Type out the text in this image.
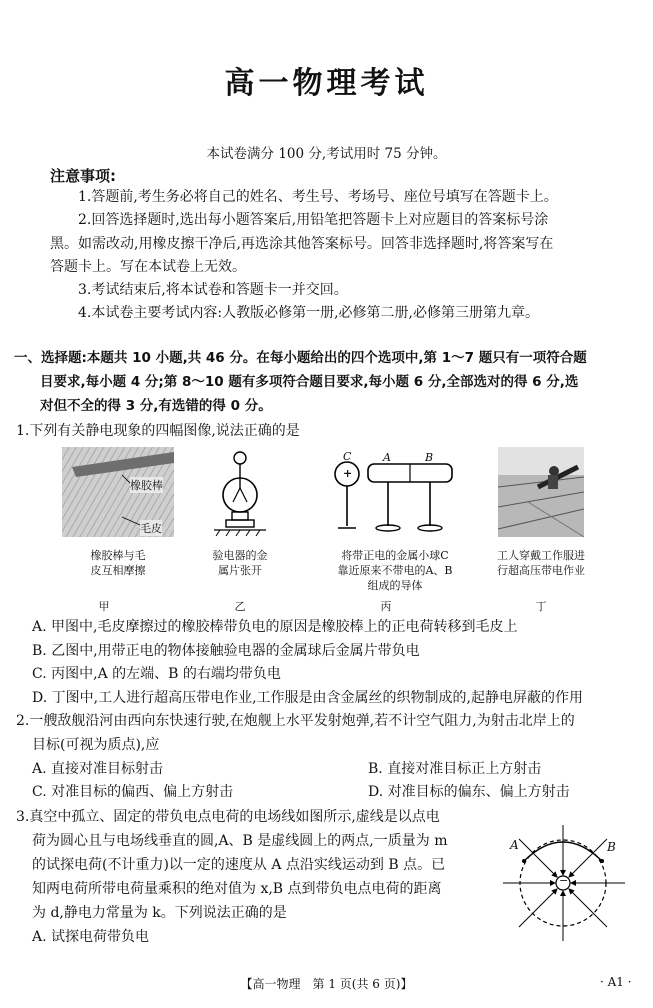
高一物理考试
本试卷满分 100 分,考试用时 75 分钟。
注意事项:
1.答题前,考生务必将自己的姓名、考生号、考场号、座位号填写在答题卡上。
2.回答选择题时,选出每小题答案后,用铅笔把答题卡上对应题目的答案标号涂
黑。如需改动,用橡皮擦干净后,再选涂其他答案标号。回答非选择题时,将答案写在
答题卡上。写在本试卷上无效。
3.考试结束后,将本试卷和答题卡一并交回。
4.本试卷主要考试内容:人教版必修第一册,必修第二册,必修第三册第九章。
一、选择题:本题共 10 小题,共 46 分。在每小题给出的四个选项中,第 1～7 题只有一项符合题
目要求,每小题 4 分;第 8～10 题有多项符合题目要求,每小题 6 分,全部选对的得 6 分,选
对但不全的得 3 分,有选错的得 0 分。
1.下列有关静电现象的四幅图像,说法正确的是
橡胶棒
毛皮
橡胶棒与毛
皮互相摩擦
甲
验电器的金
属片张开
乙
C
+
A	B
将带正电的金属小球C
靠近原来不带电的A、B
组成的导体
丙
工人穿戴工作服进
行超高压带电作业
丁
A. 甲图中,毛皮摩擦过的橡胶棒带负电的原因是橡胶棒上的正电荷转移到毛皮上
B. 乙图中,用带正电的物体接触验电器的金属球后金属片带负电
C. 丙图中,A 的左端、B 的右端均带负电
D. 丁图中,工人进行超高压带电作业,工作服是由含金属丝的织物制成的,起静电屏蔽的作用
2.一艘敌舰沿河由西向东快速行驶,在炮舰上水平发射炮弹,若不计空气阻力,为射击北岸上的
目标(可视为质点),应
A. 直接对准目标射击	B. 直接对准目标正上方射击
C. 对准目标的偏西、偏上方射击	D. 对准目标的偏东、偏上方射击
3.真空中孤立、固定的带负电点电荷的电场线如图所示,虚线是以点电
荷为圆心且与电场线垂直的圆,A、B 是虚线圆上的两点,一质量为 m
的试探电荷(不计重力)以一定的速度从 A 点沿实线运动到 B 点。已
知两电荷所带电荷量乘积的绝对值为 x,B 点到带负电点电荷的距离
为 d,静电力常量为 k。下列说法正确的是
A. 试探电荷带负电
A	B
−
【高一物理　第 1 页(共 6 页)】	· A1 ·
